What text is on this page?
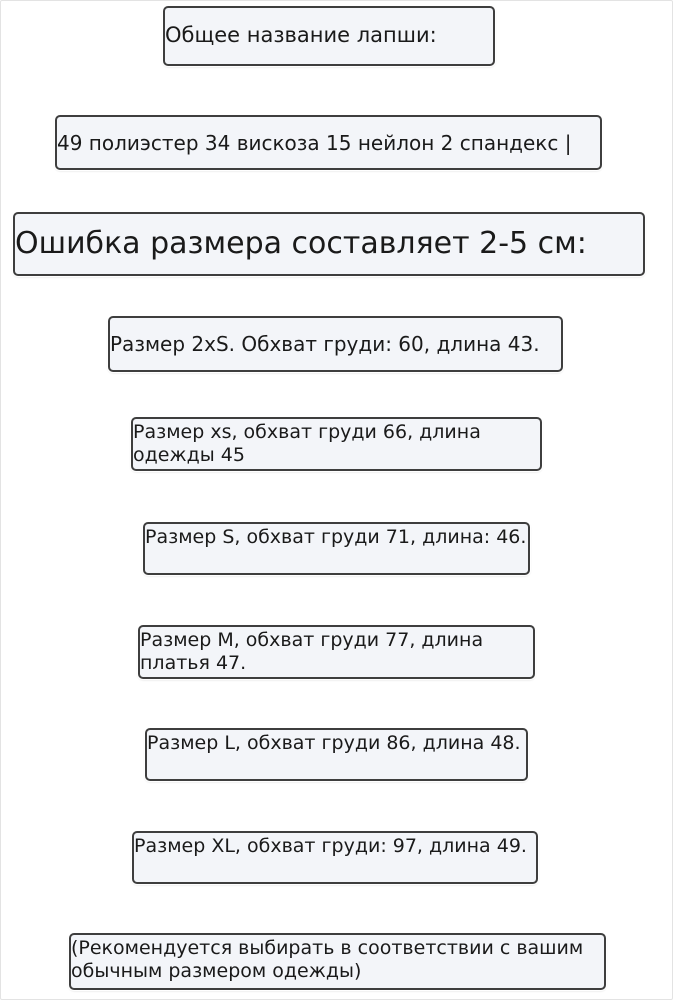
Общее название лапши:
49 полиэстер 34 вискоза 15 нейлон 2 спандекс |
Ошибка размера составляет 2-5 см:
Размер 2xS. Обхват груди: 60, длина 43.
Размер xs, обхват груди 66, длина одежды 45
Размер S, обхват груди 71, длина: 46.
Размер M, обхват груди 77, длина платья 47.
Размер L, обхват груди 86, длина 48.
Размер XL, обхват груди: 97, длина 49.
(Рекомендуется выбирать в соответствии с вашим обычным размером одежды)
